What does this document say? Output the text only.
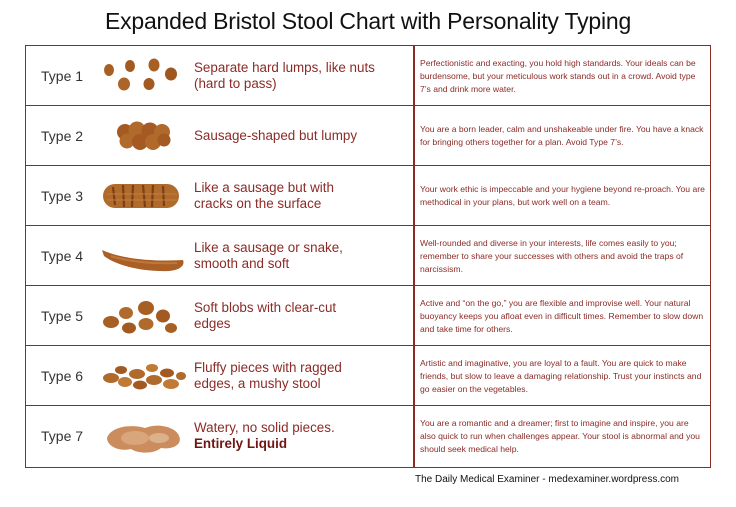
Expanded Bristol Stool Chart with Personality Typing
Type 1
Separate hard lumps, like nuts
(hard to pass)
Perfectionistic and exacting, you hold high standards. Your ideals can be burdensome, but your meticulous work stands out in a crowd. Avoid type 7’s and drink more water.
Type 2	Sausage-shaped but lumpy	You are a born leader, calm and unshakeable under fire. You have a knack for bringing others together for a plan. Avoid Type 7’s.
Type 3
Like a sausage but with
cracks on the surface
Your work ethic is impeccable and your hygiene beyond re-proach. You are methodical in your plans, but work well on a team.
Type 4
Like a sausage or snake,
smooth and soft
Well-rounded and diverse in your interests, life comes easily to you; remember to share your successes with others and avoid the traps of narcissism.
Type 5
Soft blobs with clear-cut
edges
Active and “on the go,” you are flexible and improvise well. Your natural buoyancy keeps you afloat even in difficult times. Remember to slow down and take time for others.
Type 6
Fluffy pieces with ragged
edges, a mushy stool
Artistic and imaginative, you are loyal to a fault. You are quick to make friends, but slow to leave a damaging relationship. Trust your instincts and go easier on the vegetables.
Type 7
Watery, no solid pieces.
Entirely Liquid
You are a romantic and a dreamer; first to imagine and inspire, you are also quick to run when challenges appear. Your stool is abnormal and you should seek medical help.
The Daily Medical Examiner - medexaminer.wordpress.com
